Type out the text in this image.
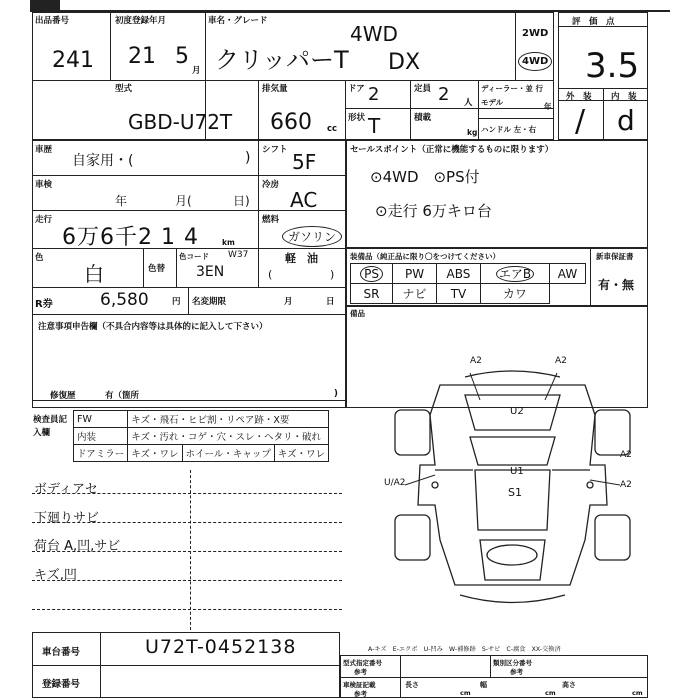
出品番号
241
初度登録年月
21 5
月
車名・グレード
クリッパーT
4WD
DX
2WD
4WD
評　価　点
3.5
外　装 内　装
/ d
型式
GBD-U72T
排気量
660 cc
ドア 2	定員 2 人
ディーラー・並 行
モデル	年
形状 T	積載
kg ハンドル 左・右
車歴
自家用・(	) シフト 5F
車検
年	月(	日)
冷房
AC
走行
6万6千2 1 4	km
燃料
ガソリン
色
白	色替
色コード W37
3EN
軽　油
(	)
R券	6,580	円 名変期限	月	日
注意事項申告欄（不具合内容等は具体的に記入して下さい）
修復歴	有（箇所	)
セールスポイント（正常に機能するものに限ります）
⊙4WD　⊙PS付
⊙走行 6万キロ台
装備品（純正品に限り〇をつけてください）	新車保証書
有・無
PS	PW	ABS	エアB	AW
SR	ナビ	TV	カワ	
備品
検査員記入欄
FW	キズ・飛石・ヒビ割・リペア跡・X要		
内装	キズ・汚れ・コゲ・穴・スレ・ヘタリ・破れ		
ドアミラー	キズ・ワレ	ホイール・キャップ	キズ・ワレ
ボディアセ
下廻りサビ
荷台 A,凹,サビ
キズ,凹
A2	A2
U2
U1
S1
U/A2	A2
A2
車台番号	U72T-0452138
登録番号
A-キズ　E-エクボ　U-凹み　W-補修跡　S-サビ　C-腐食　XX-交換済
型式指定番号
参考
類別区分番号
参考
車検証記載
参考
長さ
cm
幅
cm
高さ
cm
